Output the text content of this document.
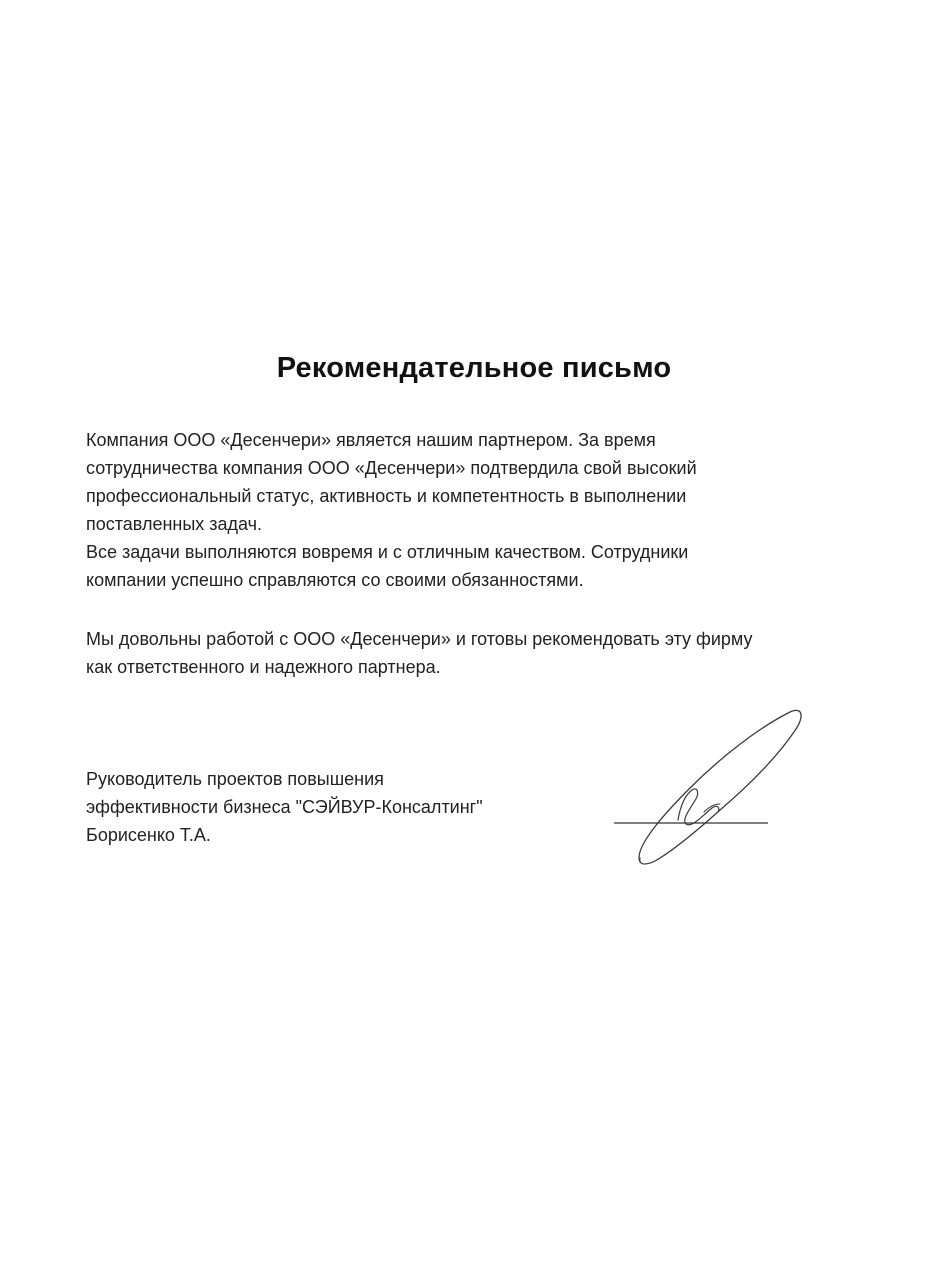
Рекомендательное письмо
Компания ООО «Десенчери» является нашим партнером. За время
сотрудничества компания ООО «Десенчери» подтвердила свой высокий
профессиональный статус, активность и компетентность в выполнении
поставленных задач.
Все задачи выполняются вовремя и с отличным качеством. Сотрудники
компании успешно справляются со своими обязанностями.
Мы довольны работой с ООО «Десенчери» и готовы рекомендовать эту фирму
как ответственного и надежного партнера.
Руководитель проектов повышения
эффективности бизнеса "СЭЙВУР-Консалтинг"
Борисенко Т.А.
